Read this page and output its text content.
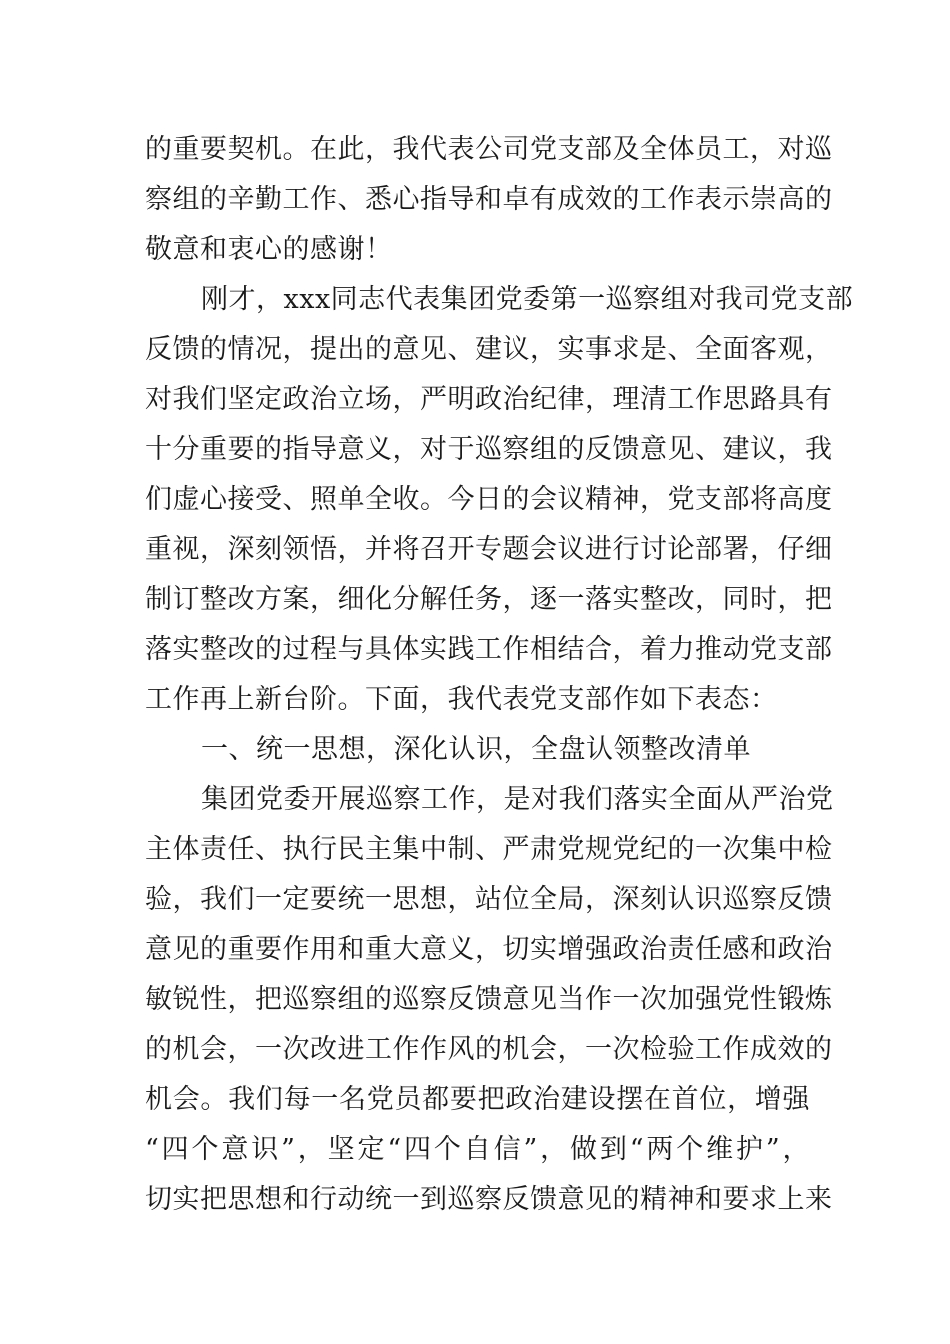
的重要契机。在此，我代表公司党支部及全体员工，对巡
察组的辛勤工作、悉心指导和卓有成效的工作表示崇高的
敬意和衷心的感谢！
刚才，xxx同志代表集团党委第一巡察组对我司党支部
反馈的情况，提出的意见、建议，实事求是、全面客观，
对我们坚定政治立场，严明政治纪律，理清工作思路具有
十分重要的指导意义，对于巡察组的反馈意见、建议，我
们虚心接受、照单全收。今日的会议精神，党支部将高度
重视，深刻领悟，并将召开专题会议进行讨论部署，仔细
制订整改方案，细化分解任务，逐一落实整改，同时，把
落实整改的过程与具体实践工作相结合，着力推动党支部
工作再上新台阶。下面，我代表党支部作如下表态：
一、统一思想，深化认识，全盘认领整改清单
集团党委开展巡察工作，是对我们落实全面从严治党
主体责任、执行民主集中制、严肃党规党纪的一次集中检
验，我们一定要统一思想，站位全局，深刻认识巡察反馈
意见的重要作用和重大意义，切实增强政治责任感和政治
敏锐性，把巡察组的巡察反馈意见当作一次加强党性锻炼
的机会，一次改进工作作风的机会，一次检验工作成效的
机会。我们每一名党员都要把政治建设摆在首位，增强
“四个意识”，坚定“四个自信”，做到“两个维护”，
切实把思想和行动统一到巡察反馈意见的精神和要求上来
